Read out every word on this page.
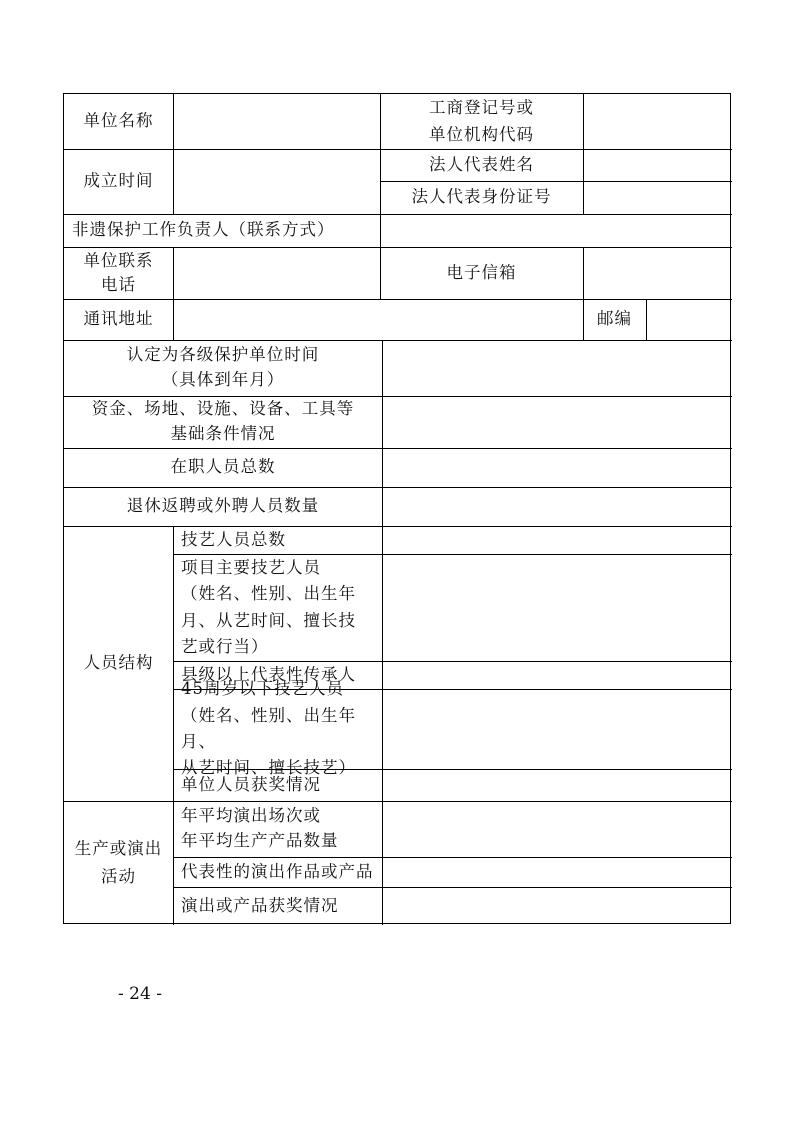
单位名称
工商登记号或
单位机构代码
成立时间
法人代表姓名
法人代表身份证号
非遗保护工作负责人（联系方式）
单位联系
电话
电子信箱
通讯地址	邮编
认定为各级保护单位时间
（具体到年月）
资金、场地、设施、设备、工具等
基础条件情况
在职人员总数
退休返聘或外聘人员数量
人员结构
技艺人员总数
项目主要技艺人员
（姓名、性别、出生年
月、从艺时间、擅长技
艺或行当）
县级以上代表性传承人
45周岁以下技艺人员
（姓名、性别、出生年月、
从艺时间、擅长技艺）
单位人员获奖情况
生产或演出
活动
年平均演出场次或
年平均生产产品数量
代表性的演出作品或产品
演出或产品获奖情况
- 24 -
